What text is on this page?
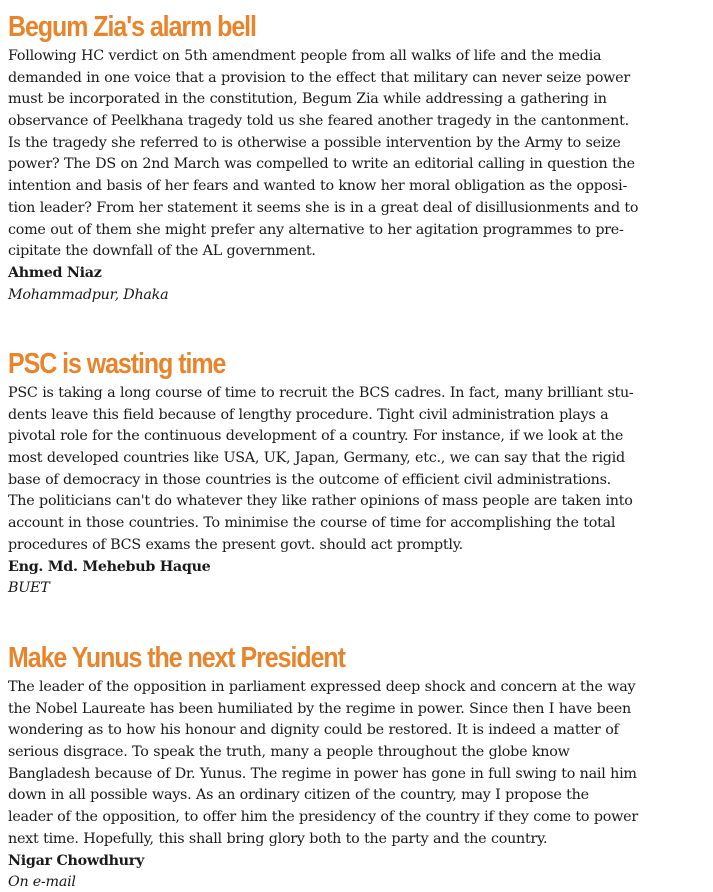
Begum Zia's alarm bell
Following HC verdict on 5th amendment people from all walks of life and the media
demanded in one voice that a provision to the effect that military can never seize power
must be incorporated in the constitution, Begum Zia while addressing a gathering in
observance of Peelkhana tragedy told us she feared another tragedy in the cantonment.
Is the tragedy she referred to is otherwise a possible intervention by the Army to seize
power? The DS on 2nd March was compelled to write an editorial calling in question the
intention and basis of her fears and wanted to know her moral obligation as the opposi-
tion leader? From her statement it seems she is in a great deal of disillusionments and to
come out of them she might prefer any alternative to her agitation programmes to pre-
cipitate the downfall of the AL government.
Ahmed Niaz
Mohammadpur, Dhaka
PSC is wasting time
PSC is taking a long course of time to recruit the BCS cadres. In fact, many brilliant stu-
dents leave this field because of lengthy procedure. Tight civil administration plays a
pivotal role for the continuous development of a country. For instance, if we look at the
most developed countries like USA, UK, Japan, Germany, etc., we can say that the rigid
base of democracy in those countries is the outcome of efficient civil administrations.
The politicians can't do whatever they like rather opinions of mass people are taken into
account in those countries. To minimise the course of time for accomplishing the total
procedures of BCS exams the present govt. should act promptly.
Eng. Md. Mehebub Haque
BUET
Make Yunus the next President
The leader of the opposition in parliament expressed deep shock and concern at the way
the Nobel Laureate has been humiliated by the regime in power. Since then I have been
wondering as to how his honour and dignity could be restored. It is indeed a matter of
serious disgrace. To speak the truth, many a people throughout the globe know
Bangladesh because of Dr. Yunus. The regime in power has gone in full swing to nail him
down in all possible ways. As an ordinary citizen of the country, may I propose the
leader of the opposition, to offer him the presidency of the country if they come to power
next time. Hopefully, this shall bring glory both to the party and the country.
Nigar Chowdhury
On e-mail
